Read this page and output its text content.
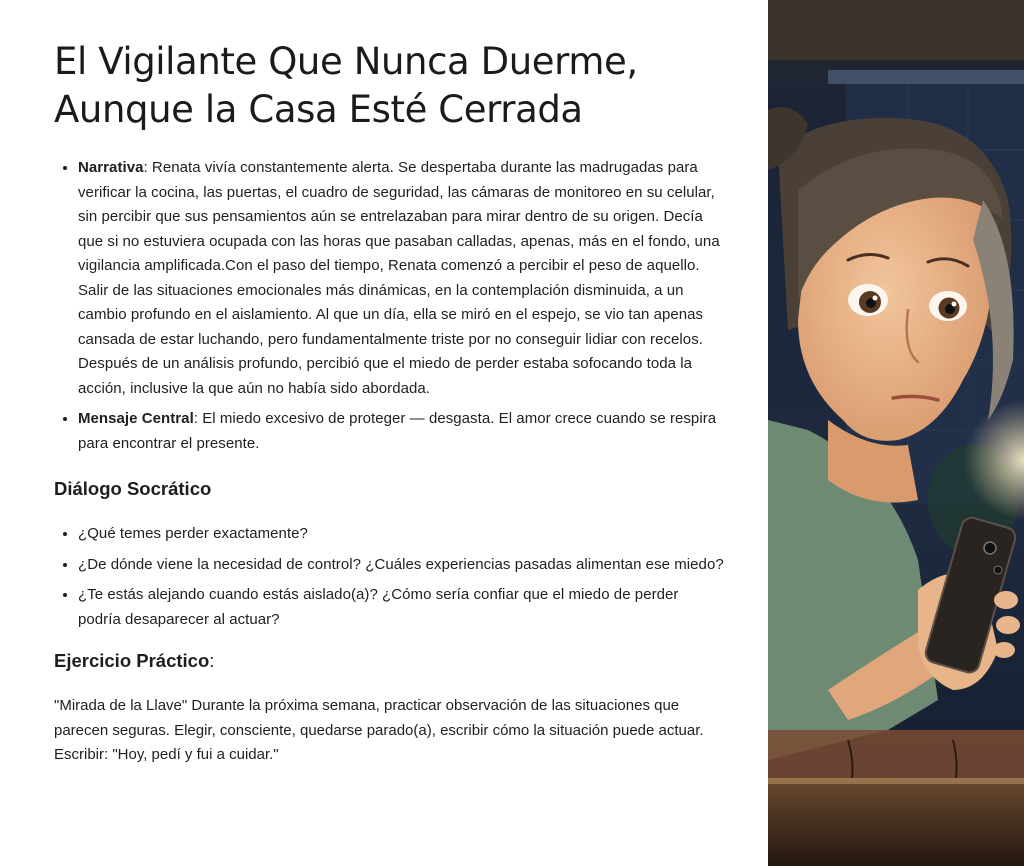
El Vigilante Que Nunca Duerme,
Aunque la Casa Esté Cerrada
• Narrativa: Renata vivía constantemente alerta. Se despertaba durante las madrugadas para verificar la cocina, las puertas, el cuadro de seguridad, las cámaras de monitoreo en su celular, sin percibir que sus pensamientos aún se entrelazaban para mirar dentro de su origen. Decía que si no estuviera ocupada con las horas que pasaban calladas, apenas, más en el fondo, una vigilancia amplificada.Con el paso del tiempo, Renata comenzó a percibir el peso de aquello. Salir de las situaciones emocionales más dinámicas, en la contemplación disminuida, a un cambio profundo en el aislamiento. Al que un día, ella se miró en el espejo, se vio tan apenas cansada de estar luchando, pero fundamentalmente triste por no conseguir lidiar con recelos. Después de un análisis profundo, percibió que el miedo de perder estaba sofocando toda la acción, inclusive la que aún no había sido abordada.
• Mensaje Central: El miedo excesivo de proteger — desgasta. El amor crece cuando se respira para encontrar el presente.
Diálogo Socrático
• ¿Qué temes perder exactamente?
• ¿De dónde viene la necesidad de control? ¿Cuáles experiencias pasadas alimentan ese miedo?
• ¿Te estás alejando cuando estás aislado(a)? ¿Cómo sería confiar que el miedo de perder podría desaparecer al actuar?
Ejercicio Práctico:

"Mirada de la Llave" Durante la próxima semana, practicar observación de las situaciones que parecen seguras. Elegir, consciente, quedarse parado(a), escribir cómo la situación puede actuar. Escribir: "Hoy, pedí y fui a cuidar."
